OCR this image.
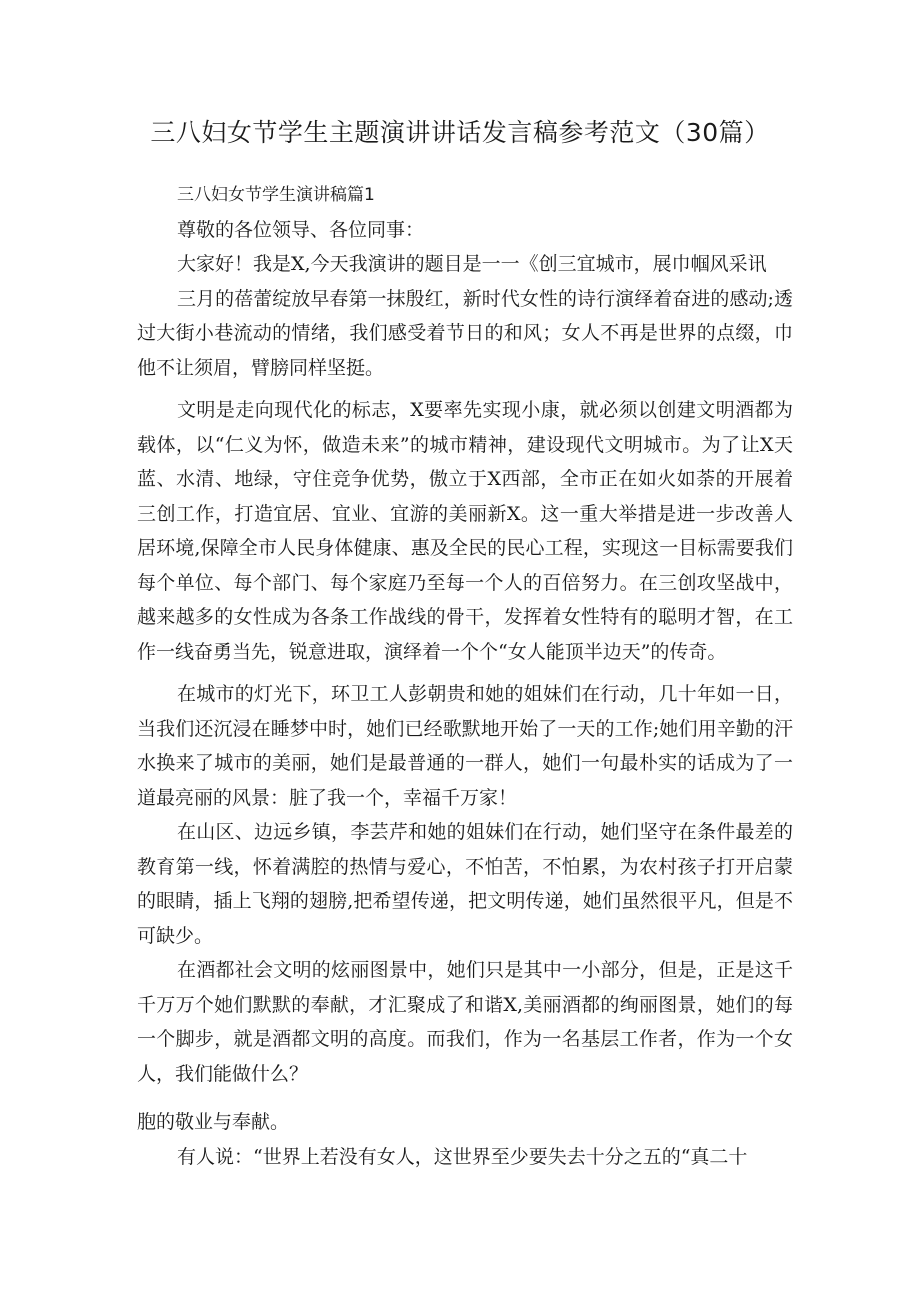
三八妇女节学生主题演讲讲话发言稿参考范文（30篇）

三八妇女节学生演讲稿篇1

尊敬的各位领导、各位同事：

大家好！我是X,今天我演讲的题目是一一《创三宜城市，展巾帼风采讯

三月的蓓蕾绽放早春第一抹殷红，新时代女性的诗行演绎着奋进的感动;透过大街小巷流动的情绪，我们感受着节日的和风；女人不再是世界的点缀，巾他不让须眉，臂膀同样坚挺。

文明是走向现代化的标志，X要率先实现小康，就必须以创建文明酒都为载体，以“仁义为怀，做造未来”的城市精神，建设现代文明城市。为了让X天蓝、水清、地绿，守住竞争优势，傲立于X西部，全市正在如火如荼的开展着三创工作，打造宜居、宜业、宜游的美丽新X。这一重大举措是进一步改善人居环境,保障全市人民身体健康、惠及全民的民心工程，实现这一目标需要我们每个单位、每个部门、每个家庭乃至每一个人的百倍努力。在三创攻坚战中，越来越多的女性成为各条工作战线的骨干，发挥着女性特有的聪明才智，在工作一线奋勇当先，锐意进取，演绎着一个个“女人能顶半边天”的传奇。

在城市的灯光下，环卫工人彭朝贵和她的姐妹们在行动，几十年如一日，当我们还沉浸在睡梦中时，她们已经歌默地开始了一天的工作;她们用辛勤的汗水换来了城市的美丽，她们是最普通的一群人，她们一句最朴实的话成为了一道最亮丽的风景：脏了我一个，幸福千万家！

在山区、边远乡镇，李芸芹和她的姐妹们在行动，她们坚守在条件最差的教育第一线，怀着满腔的热情与爱心，不怕苦，不怕累，为农村孩子打开启蒙的眼睛，插上飞翔的翅膀,把希望传递，把文明传递，她们虽然很平凡，但是不可缺少。

在酒都社会文明的炫丽图景中，她们只是其中一小部分，但是，正是这千千万万个她们默默的奉献，才汇聚成了和谐X,美丽酒都的绚丽图景，她们的每一个脚步，就是酒都文明的高度。而我们，作为一名基层工作者，作为一个女人，我们能做什么？

胞的敬业与奉献。

有人说：“世界上若没有女人，这世界至少要失去十分之五的“真二十
